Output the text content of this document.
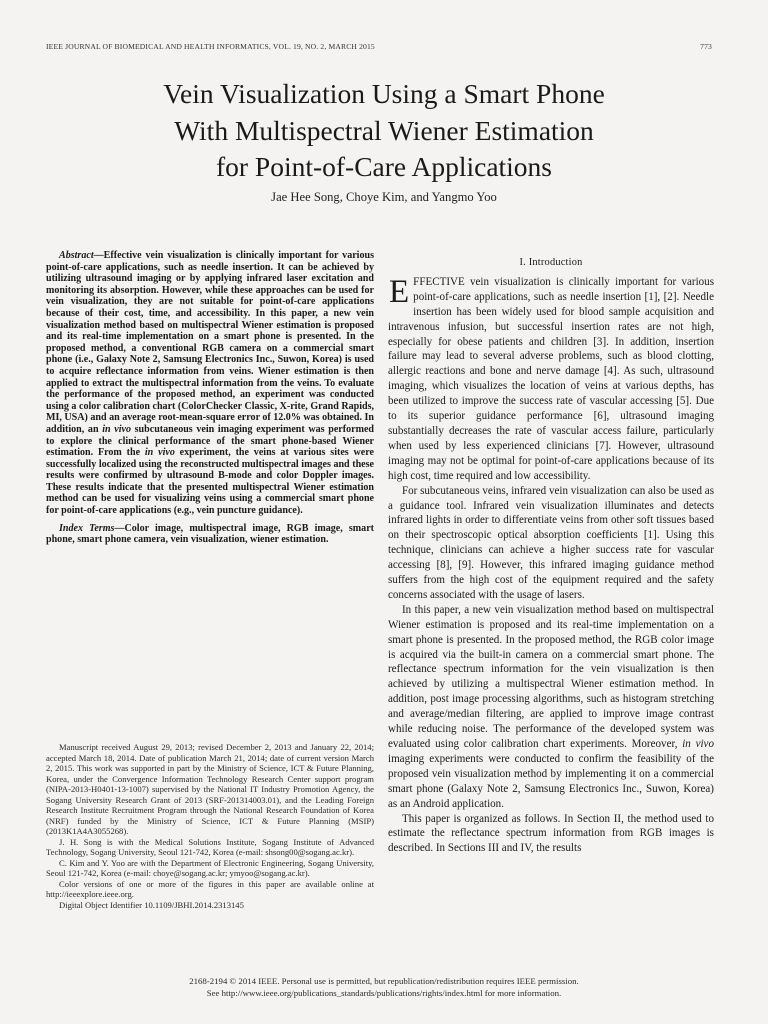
IEEE JOURNAL OF BIOMEDICAL AND HEALTH INFORMATICS, VOL. 19, NO. 2, MARCH 2015	773
Vein Visualization Using a Smart Phone
With Multispectral Wiener Estimation
for Point-of-Care Applications
Jae Hee Song, Choye Kim, and Yangmo Yoo

Abstract—Effective vein visualization is clinically important for various point-of-care applications, such as needle insertion. It can be achieved by utilizing ultrasound imaging or by applying infrared laser excitation and monitoring its absorption. However, while these approaches can be used for vein visualization, they are not suitable for point-of-care applications because of their cost, time, and accessibility. In this paper, a new vein visualization method based on multispectral Wiener estimation is proposed and its real-time implementation on a smart phone is presented. In the proposed method, a conventional RGB camera on a commercial smart phone (i.e., Galaxy Note 2, Samsung Electronics Inc., Suwon, Korea) is used to acquire reflectance information from veins. Wiener estimation is then applied to extract the multispectral information from the veins. To evaluate the performance of the proposed method, an experiment was conducted using a color calibration chart (ColorChecker Classic, X-rite, Grand Rapids, MI, USA) and an average root-mean-square error of 12.0% was obtained. In addition, an in vivo subcutaneous vein imaging experiment was performed to explore the clinical performance of the smart phone-based Wiener estimation. From the in vivo experiment, the veins at various sites were successfully localized using the reconstructed multispectral images and these results were confirmed by ultrasound B-mode and color Doppler images. These results indicate that the presented multispectral Wiener estimation method can be used for visualizing veins using a commercial smart phone for point-of-care applications (e.g., vein puncture guidance).

Index Terms—Color image, multispectral image, RGB image, smart phone, smart phone camera, vein visualization, wiener estimation.

Manuscript received August 29, 2013; revised December 2, 2013 and January 22, 2014; accepted March 18, 2014. Date of publication March 21, 2014; date of current version March 2, 2015. This work was supported in part by the Ministry of Science, ICT & Future Planning, Korea, under the Convergence Information Technology Research Center support program (NIPA-2013-H0401-13-1007) supervised by the National IT Industry Promotion Agency, the Sogang University Research Grant of 2013 (SRF-201314003.01), and the Leading Foreign Research Institute Recruitment Program through the National Research Foundation of Korea (NRF) funded by the Ministry of Science, ICT & Future Planning (MSIP) (2013K1A4A3055268).

J. H. Song is with the Medical Solutions Institute, Sogang Institute of Advanced Technology, Sogang University, Seoul 121-742, Korea (e-mail: shsong00@sogang.ac.kr).

C. Kim and Y. Yoo are with the Department of Electronic Engineering, Sogang University, Seoul 121-742, Korea (e-mail: choye@sogang.ac.kr; ymyoo@sogang.ac.kr).

Color versions of one or more of the figures in this paper are available online at http://ieeexplore.ieee.org.

Digital Object Identifier 10.1109/JBHI.2014.2313145

I. Introduction

EFFECTIVE vein visualization is clinically important for various point-of-care applications, such as needle insertion [1], [2]. Needle insertion has been widely used for blood sample acquisition and intravenous infusion, but successful insertion rates are not high, especially for obese patients and children [3]. In addition, insertion failure may lead to several adverse problems, such as blood clotting, allergic reactions and bone and nerve damage [4]. As such, ultrasound imaging, which visualizes the location of veins at various depths, has been utilized to improve the success rate of vascular accessing [5]. Due to its superior guidance performance [6], ultrasound imaging substantially decreases the rate of vascular access failure, particularly when used by less experienced clinicians [7]. However, ultrasound imaging may not be optimal for point-of-care applications because of its high cost, time required and low accessibility.

For subcutaneous veins, infrared vein visualization can also be used as a guidance tool. Infrared vein visualization illuminates and detects infrared lights in order to differentiate veins from other soft tissues based on their spectroscopic optical absorption coefficients [1]. Using this technique, clinicians can achieve a higher success rate for vascular accessing [8], [9]. However, this infrared imaging guidance method suffers from the high cost of the equipment required and the safety concerns associated with the usage of lasers.

In this paper, a new vein visualization method based on multispectral Wiener estimation is proposed and its real-time implementation on a smart phone is presented. In the proposed method, the RGB color image is acquired via the built-in camera on a commercial smart phone. The reflectance spectrum information for the vein visualization is then achieved by utilizing a multispectral Wiener estimation method. In addition, post image processing algorithms, such as histogram stretching and average/median filtering, are applied to improve image contrast while reducing noise. The performance of the developed system was evaluated using color calibration chart experiments. Moreover, in vivo imaging experiments were conducted to confirm the feasibility of the proposed vein visualization method by implementing it on a commercial smart phone (Galaxy Note 2, Samsung Electronics Inc., Suwon, Korea) as an Android application.

This paper is organized as follows. In Section II, the method used to estimate the reflectance spectrum information from RGB images is described. In Sections III and IV, the results

2168-2194 © 2014 IEEE. Personal use is permitted, but republication/redistribution requires IEEE permission.
See http://www.ieee.org/publications_standards/publications/rights/index.html for more information.
